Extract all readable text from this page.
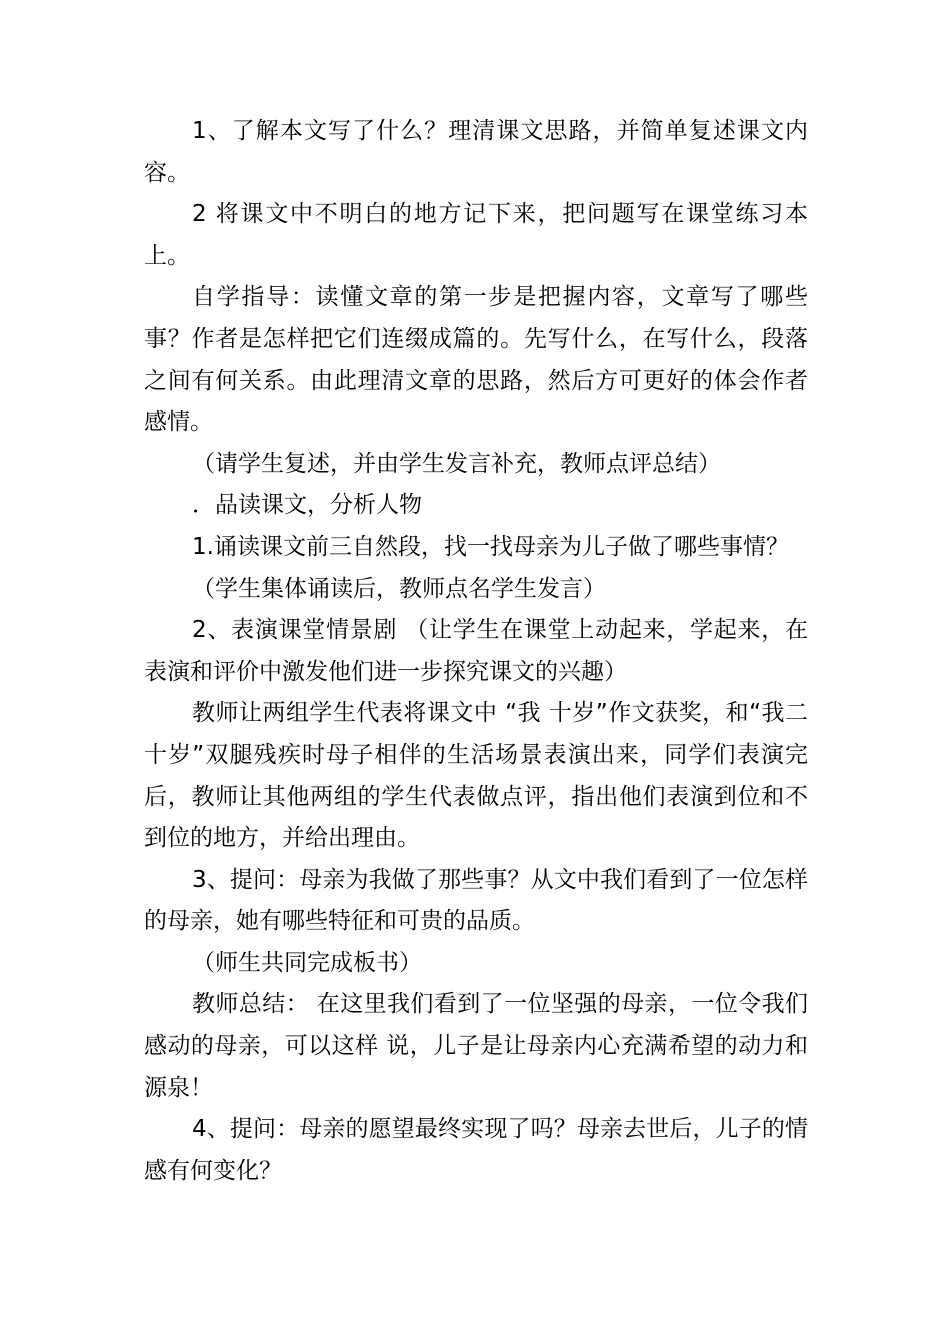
1、了解本文写了什么？理清课文思路，并简单复述课文内容。

2 将课文中不明白的地方记下来，把问题写在课堂练习本上。

自学指导：读懂文章的第一步是把握内容，文章写了哪些事？作者是怎样把它们连缀成篇的。先写什么，在写什么，段落之间有何关系。由此理清文章的思路，然后方可更好的体会作者感情。

（请学生复述，并由学生发言补充，教师点评总结）

．品读课文，分析人物

1.诵读课文前三自然段，找一找母亲为儿子做了哪些事情？

（学生集体诵读后，教师点名学生发言）

2、表演课堂情景剧 （让学生在课堂上动起来，学起来，在表演和评价中激发他们进一步探究课文的兴趣）

教师让两组学生代表将课文中 “我 十岁”作文获奖，和“我二十岁”双腿残疾时母子相伴的生活场景表演出来，同学们表演完后，教师让其他两组的学生代表做点评，指出他们表演到位和不到位的地方，并给出理由。

3、提问：母亲为我做了那些事？从文中我们看到了一位怎样的母亲，她有哪些特征和可贵的品质。

（师生共同完成板书）

教师总结： 在这里我们看到了一位坚强的母亲，一位令我们感动的母亲，可以这样 说，儿子是让母亲内心充满希望的动力和源泉！

4、提问：母亲的愿望最终实现了吗？母亲去世后，儿子的情感有何变化？
